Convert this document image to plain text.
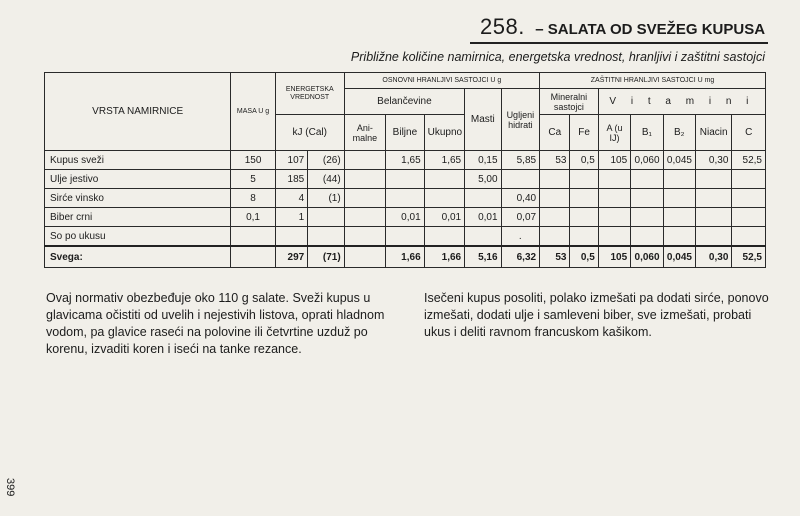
258. – SALATA OD SVEŽEG KUPUSA
Približne količine namirnica, energetska vrednost, hranljivi i zaštitni sastojci
VRSTA NAMIRNICE	MASA U g	ENERGETSKA VREDNOST		OSNOVNI HRANLJIVI SASTOJCI U g					ZAŠTITNI HRANLJIVI SASTOJCI U mg						
				Belančevine			Masti	Ugljeni hidrati	Mineralni sastojci		V i t a m i n i				
		kJ (Cal)		Ani- malne	Biljne	Ukupno			Ca	Fe	A (u IJ)	B₁	B₂	Niacin	C
Kupus sveži	150	107	(26)		1,65	1,65	0,15	5,85	53	0,5	105	0,060	0,045	0,30	52,5
Ulje jestivo	5	185	(44)				5,00								
Sirće vinsko	8	4	(1)					0,40							
Biber crni	0,1	1			0,01	0,01	0,01	0,07							
So po ukusu								.							
Svega:		297	(71)		1,66	1,66	5,16	6,32	53	0,5	105	0,060	0,045	0,30	52,5
Ovaj normativ obezbeđuje oko 110 g salate. Sveži kupus u glavicama očistiti od uvelih i nejestivih listova, oprati hladnom vodom, pa glavice raseći na polovine ili četvrtine uzduž po korenu, izvaditi koren i iseći na tanke rezance.
Isečeni kupus posoliti, polako izmešati pa dodati sirće, ponovo izmešati, dodati ulje i samleveni biber, sve izmešati, probati ukus i deliti ravnom francuskom kašikom.
399
